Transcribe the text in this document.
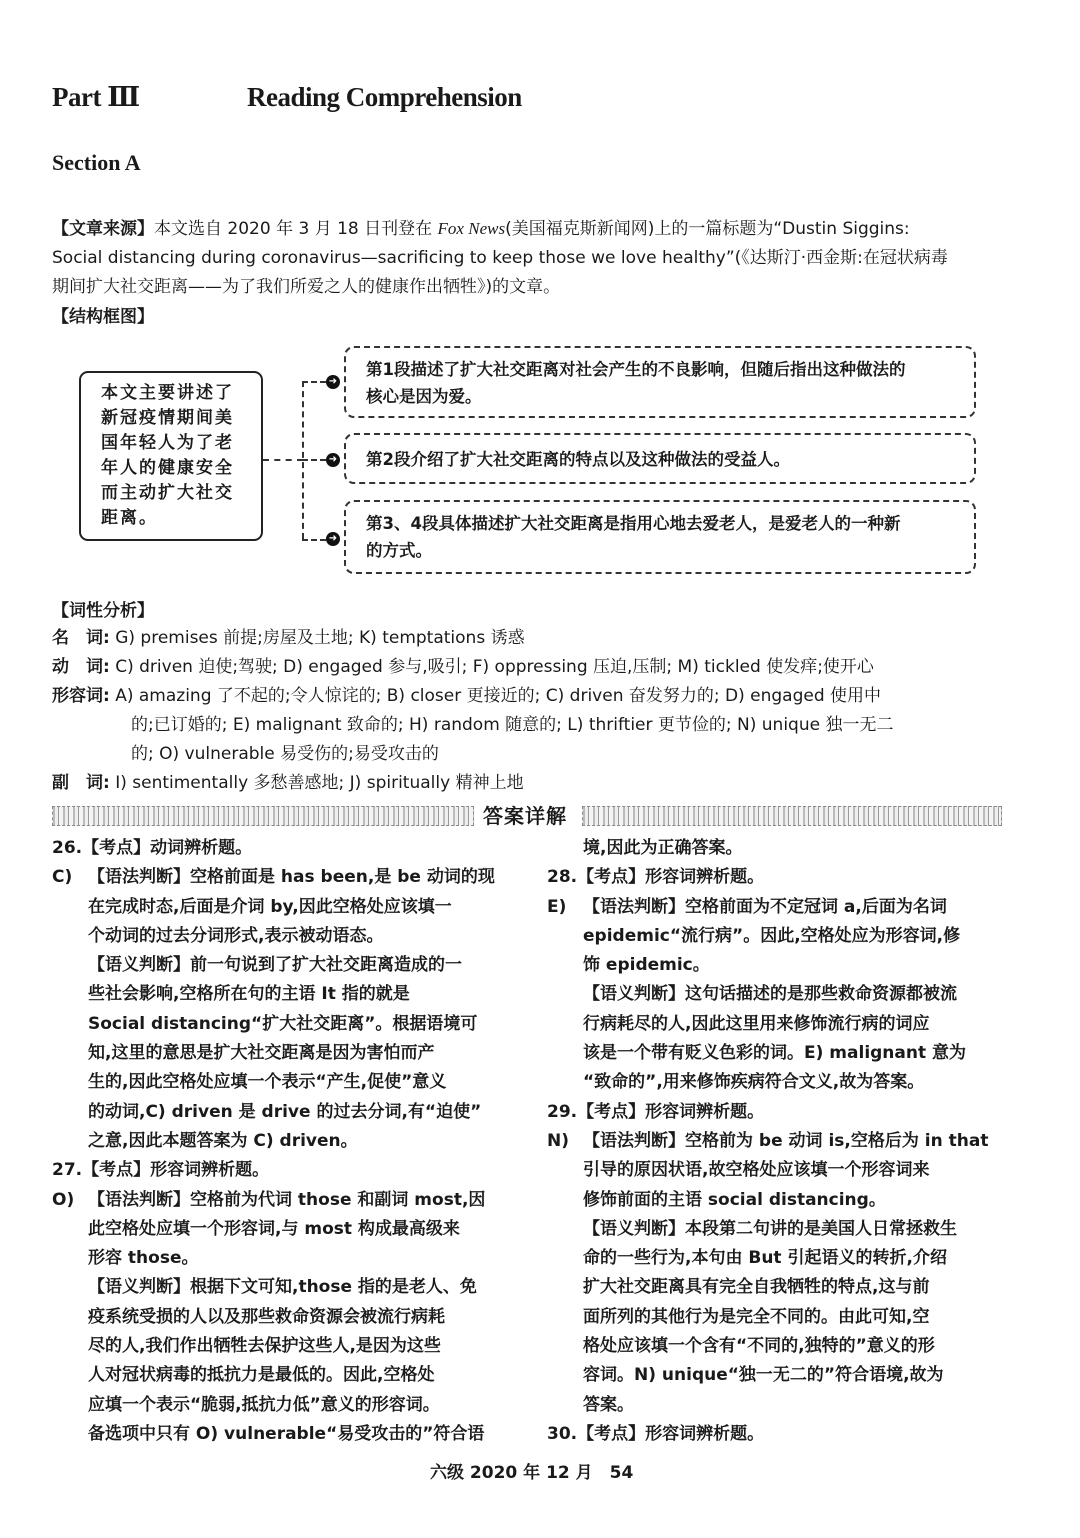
Part Ⅲ	Reading Comprehension
Section A
【文章来源】本文选自 2020 年 3 月 18 日刊登在 Fox News(美国福克斯新闻网)上的一篇标题为“Dustin Siggins:
Social distancing during coronavirus—sacrificing to keep those we love healthy”(《达斯汀·西金斯:在冠状病毒
期间扩大社交距离——为了我们所爱之人的健康作出牺牲》)的文章。
【结构框图】
本文主要讲述了
新冠疫情期间美
国年轻人为了老
年人的健康安全
而主动扩大社交
距离。
➜
➜
➜
第1段描述了扩大社交距离对社会产生的不良影响，但随后指出这种做法的
核心是因为爱。
第2段介绍了扩大社交距离的特点以及这种做法的受益人。
第3、4段具体描述扩大社交距离是指用心地去爱老人，是爱老人的一种新
的方式。
【词性分析】
名　词: G) premises 前提;房屋及土地; K) temptations 诱惑
动　词: C) driven 迫使;驾驶; D) engaged 参与,吸引; F) oppressing 压迫,压制; M) tickled 使发痒;使开心
形容词: A) amazing 了不起的;令人惊诧的; B) closer 更接近的; C) driven 奋发努力的; D) engaged 使用中
的;已订婚的; E) malignant 致命的; H) random 随意的; L) thriftier 更节俭的; N) unique 独一无二
的; O) vulnerable 易受伤的;易受攻击的
副　词: I) sentimentally 多愁善感地; J) spiritually 精神上地
答案详解
26.【考点】动词辨析题。
C) 【语法判断】空格前面是 has been,是 be 动词的现
在完成时态,后面是介词 by,因此空格处应该填一
个动词的过去分词形式,表示被动语态。
【语义判断】前一句说到了扩大社交距离造成的一
些社会影响,空格所在句的主语 It 指的就是
Social distancing“扩大社交距离”。根据语境可
知,这里的意思是扩大社交距离是因为害怕而产
生的,因此空格处应填一个表示“产生,促使”意义
的动词,C) driven 是 drive 的过去分词,有“迫使”
之意,因此本题答案为 C) driven。
27.【考点】形容词辨析题。
O) 【语法判断】空格前为代词 those 和副词 most,因
此空格处应填一个形容词,与 most 构成最高级来
形容 those。
【语义判断】根据下文可知,those 指的是老人、免
疫系统受损的人以及那些救命资源会被流行病耗
尽的人,我们作出牺牲去保护这些人,是因为这些
人对冠状病毒的抵抗力是最低的。因此,空格处
应填一个表示“脆弱,抵抗力低”意义的形容词。
备选项中只有 O) vulnerable“易受攻击的”符合语
境,因此为正确答案。
28.【考点】形容词辨析题。
E) 【语法判断】空格前面为不定冠词 a,后面为名词
epidemic“流行病”。因此,空格处应为形容词,修
饰 epidemic。
【语义判断】这句话描述的是那些救命资源都被流
行病耗尽的人,因此这里用来修饰流行病的词应
该是一个带有贬义色彩的词。E) malignant 意为
“致命的”,用来修饰疾病符合文义,故为答案。
29.【考点】形容词辨析题。
N) 【语法判断】空格前为 be 动词 is,空格后为 in that
引导的原因状语,故空格处应该填一个形容词来
修饰前面的主语 social distancing。
【语义判断】本段第二句讲的是美国人日常拯救生
命的一些行为,本句由 But 引起语义的转折,介绍
扩大社交距离具有完全自我牺牲的特点,这与前
面所列的其他行为是完全不同的。由此可知,空
格处应该填一个含有“不同的,独特的”意义的形
容词。N) unique“独一无二的”符合语境,故为
答案。
30.【考点】形容词辨析题。
六级 2020 年 12 月　54
